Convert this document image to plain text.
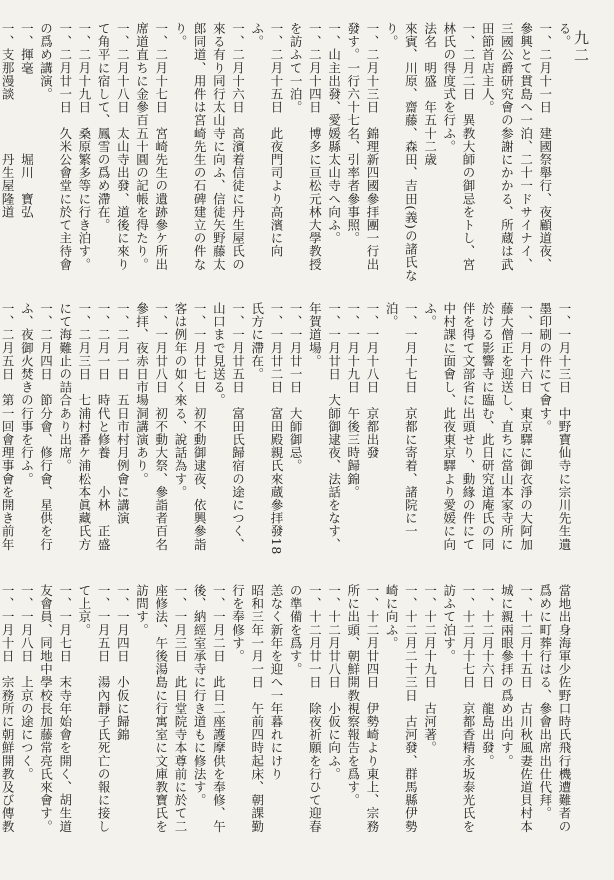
九二

る。

一、二月十一日　建國祭舉行、夜顧道夜、參興とて貫島へ一泊、二十一ドサイナイ、三國公爵研究會の参謝にかかる、所蔵は武田節首店主人。

一、二月二日　異教大師の御忌をトし、宮林氏の得度式を行ふ。

法名　明盛　年五十二歳

來賓、川原、齋藤、森田、吉田(義)の諸氏なり。

一、二月十三日　錦理新四國參拝團一行出發す。一行六十七名、引率者參事照。

一、山主出發、愛媛縣太山寺へ向ふ。

一、二月十四日　博多に亘松元林大學教授を訪ふて一泊。

一、二月十五日　此夜門司より高濱に向ふ。

一、二月十六日　高濱着信徒に丹生屋氏の來る有り同行太山寺に向ふ、信徒矢野藤太郎同道、用件は宮崎先生の石碑建立の件なり。

一、二月十七日　宮崎先生の遺跡參ケ所出席道直ちに金參百五十圓の記帳を得たり。

一、二月十八日　太山寺出發、道後に來りて角平に宿して、鳳雪の爲め滯在。

一、二月十九日　桑原繁多等に行き泊す。

一、二月廿一日　久米公會堂に於て主待會の爲め講演。

一、揮毫　　　　　　堀川　寶弘

一、支那漫談　　　　丹生屋隆道

一、一月十三日　中野寶仙寺に宗川先生遺墨印刷の件にて會す。

一、一月十六日　東京驛に御衣淨の大阿加藤大僧正を迎送し、直ちに當山本家寺所に於ける影響寺に臨む、此日研究道庵氏の同伴を得て文部省に出頭せり、動緣の件にて中村課に面會し、此夜東京驛より愛媛に向ふ。

一、一月十七日　京都に寄着、諸院に一泊。

一、一月十八日　京都出發

一、一月十九日　午後三時歸錦。

一、一月廿日　大師御逮夜、法話をなす、年賀道場。

一、一月廿一日　大師御忌。

一、一月廿二日　富田殿親氏來蔵參拝發18氏方に滯在。

一、一月廿五日　富田氏歸宿の途につく、山口まで見送る。

一、一月廿七日　初不動御逮夜、依興參詣客は例年の如く來る、說話為す。

一、一月廿八日　初不動大祭、參詣者百名參拝、夜赤日市場洞講演あり。

一、二月一日　五日市村月例會に講演

一、二月一日　時代と修養　　小林　正盛

一、二月三日　七浦村番ケ浦松本眞藏氏方にて海難止の詰合あり出席。

一、二月四日　節分會、修行會、星供を行ふ、夜御火焚きの行事を行ふ。

一、二月五日　第一回會理事會を開き前年

當地出身海軍少佐野口時氏飛行機遭難者の爲めに町葬行はる、參會出席出仕代拜。

一、十二月十五日　古川秋風妻佐道貝村本城に親兩眼參拝の爲め出向す。

一、十二月十六日　龍島出發。

一、十二月十七日　京都香精永坂泰光氏を訪ふて泊す。

一、十二月十九日　古河著。

一、十二月二十三日　古河發、群馬縣伊勢崎に向ふ。

一、十二月廿四日　伊勢崎より東上、宗務所に出頭、朝鮮開教視察報告を爲す。

一、十二月廿八日　小仮に向ふ。

一、十二月廿一日　除夜祈願を行ひて迎春の準備を爲す。

恙なく新年を迎へ一年暮れにけり

昭和三年一月一日　午前四時起床、朝課勤行を奉修す。

一、一月二日　此日二座護摩供を奉修、午後、納經室承寺に行き道もに修法す。

一、一月三日　此日堂院寺本尊前に於て二座修法、午後湯島に行寓室に文庫教寶氏を訪問す。

一、一月四日　小仮に歸錦

一、一月五日　湯內靜子氏死亡の報に接して上京。

一、一月七日　末寺年始會を開く、胡生道友會員、同地中學校長加藤常亮氏來會す。

一、一月八日　上京の途につく。

一、一月十日　宗務所に朝鮮開教及び傳教
